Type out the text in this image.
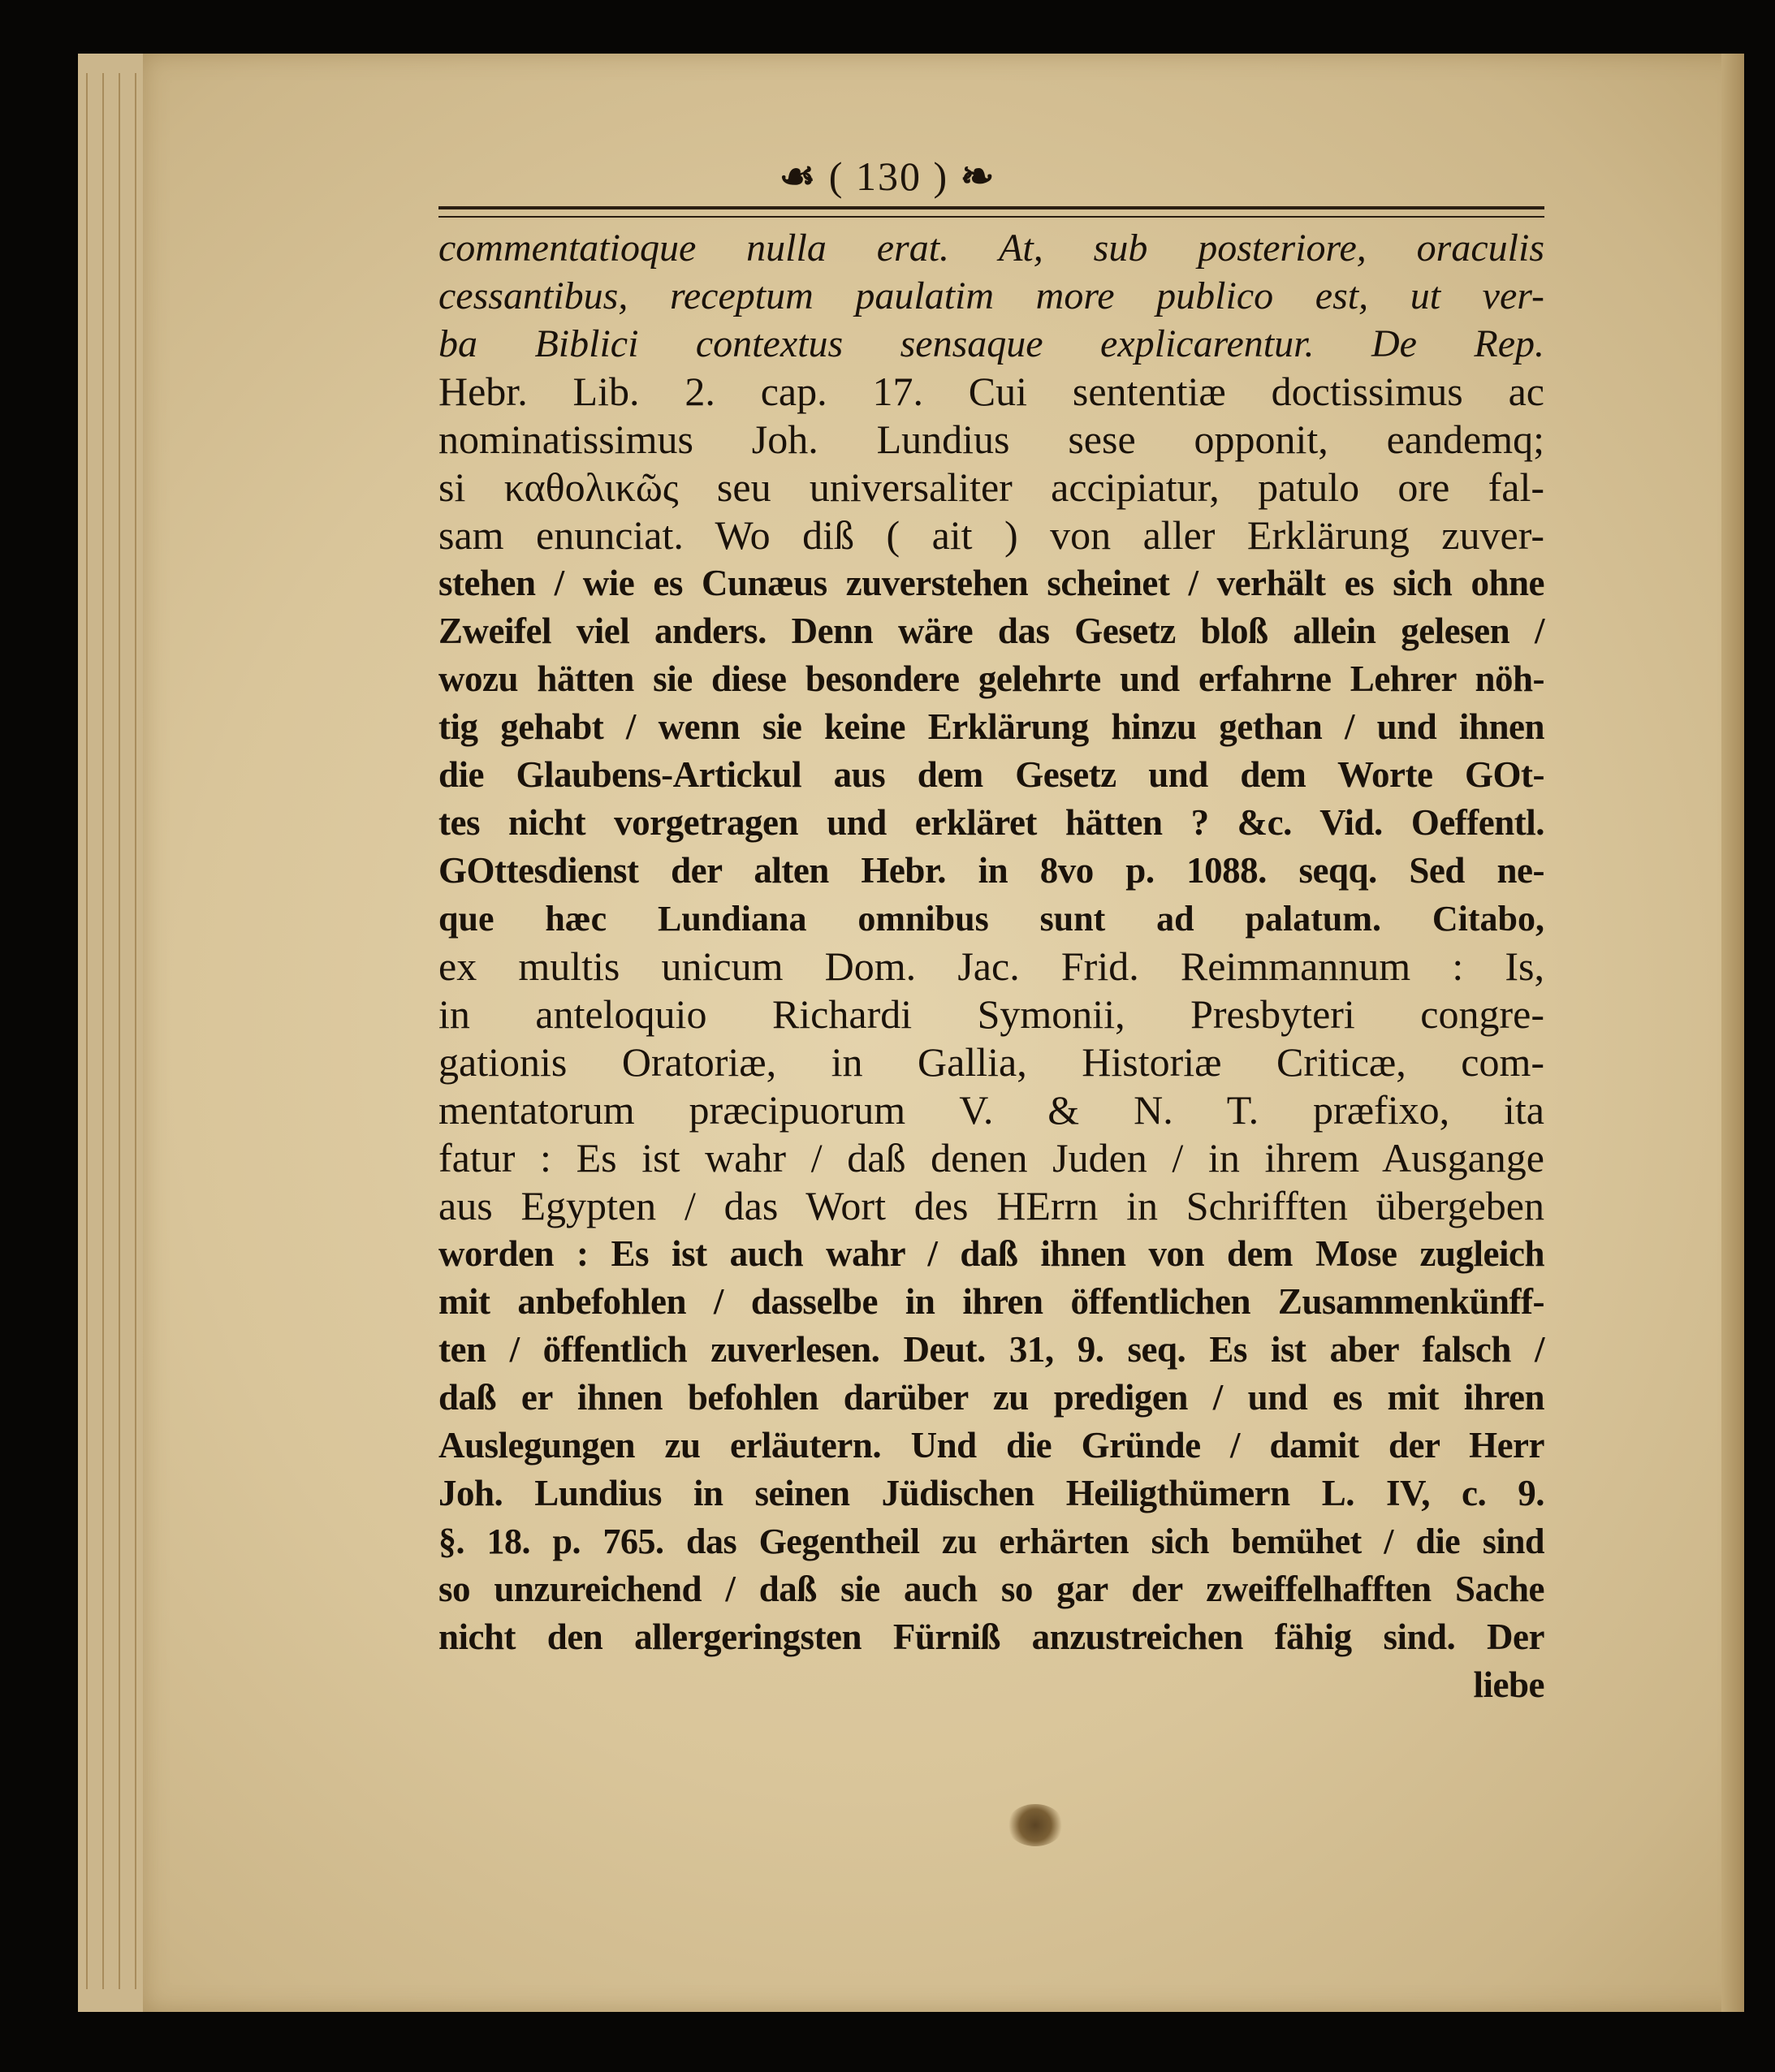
☙ ( 130 ) ❧
commentatioque nulla erat. At, sub posteriore, oraculis
cessantibus, receptum paulatim more publico est, ut ver-
ba Biblici contextus sensaque explicarentur. De Rep.
Hebr. Lib. 2. cap. 17. Cui sententiæ doctissimus ac
nominatissimus Joh. Lundius sese opponit, eandemq;
si καθολικῶς seu universaliter accipiatur, patulo ore fal-
sam enunciat. Wo diß ( ait ) von aller Erklärung zuver-
stehen / wie es Cunæus zuverstehen scheinet / verhält es sich ohne
Zweifel viel anders. Denn wäre das Gesetz bloß allein gelesen /
wozu hätten sie diese besondere gelehrte und erfahrne Lehrer nöh-
tig gehabt / wenn sie keine Erklärung hinzu gethan / und ihnen
die Glaubens-Artickul aus dem Gesetz und dem Worte GOt-
tes nicht vorgetragen und erkläret hätten ? &c. Vid. Oeffentl.
GOttesdienst der alten Hebr. in 8vo p. 1088. seqq. Sed ne-
que hæc Lundiana omnibus sunt ad palatum. Citabo,
ex multis unicum Dom. Jac. Frid. Reimmannum : Is,
in anteloquio Richardi Symonii, Presbyteri congre-
gationis Oratoriæ, in Gallia, Historiæ Criticæ, com-
mentatorum præcipuorum V. & N. T. præfixo, ita
fatur : Es ist wahr / daß denen Juden / in ihrem Ausgange
aus Egypten / das Wort des HErrn in Schrifften übergeben
worden : Es ist auch wahr / daß ihnen von dem Mose zugleich
mit anbefohlen / dasselbe in ihren öffentlichen Zusammenkünff-
ten / öffentlich zuverlesen. Deut. 31, 9. seq. Es ist aber falsch /
daß er ihnen befohlen darüber zu predigen / und es mit ihren
Auslegungen zu erläutern. Und die Gründe / damit der Herr
Joh. Lundius in seinen Jüdischen Heiligthümern L. IV, c. 9.
§. 18. p. 765. das Gegentheil zu erhärten sich bemühet / die sind
so unzureichend / daß sie auch so gar der zweiffelhafften Sache
nicht den allergeringsten Fürniß anzustreichen fähig sind. Der
liebe
